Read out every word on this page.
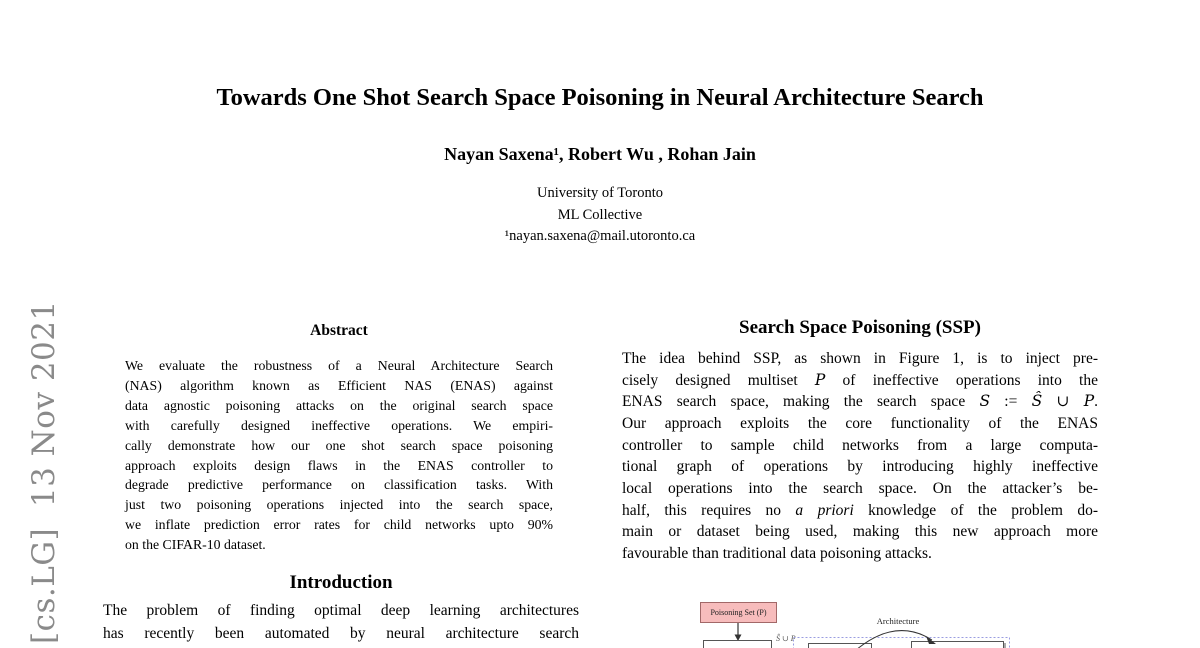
[cs.LG]  13 Nov 2021
Towards One Shot Search Space Poisoning in Neural Architecture Search
Nayan Saxena¹, Robert Wu , Rohan Jain
University of Toronto
ML Collective
¹nayan.saxena@mail.utoronto.ca
Abstract
We evaluate the robustness of a Neural Architecture Search
(NAS) algorithm known as Efficient NAS (ENAS) against
data agnostic poisoning attacks on the original search space
with carefully designed ineffective operations. We empiri-
cally demonstrate how our one shot search space poisoning
approach exploits design flaws in the ENAS controller to
degrade predictive performance on classification tasks. With
just two poisoning operations injected into the search space,
we inflate prediction error rates for child networks upto 90%
on the CIFAR-10 dataset.
Introduction
The problem of finding optimal deep learning architectures
has recently been automated by neural architecture search
Search Space Poisoning (SSP)
The idea behind SSP, as shown in Figure 1, is to inject pre-
cisely designed multiset P of ineffective operations into the
ENAS search space, making the search space S := Ŝ ∪ P.
Our approach exploits the core functionality of the ENAS
controller to sample child networks from a large computa-
tional graph of operations by introducing highly ineffective
local operations into the search space. On the attacker’s be-
half, this requires no a priori knowledge of the problem do-
main or dataset being used, making this new approach more
favourable than traditional data poisoning attacks.
Poisoning Set (P)
Architecture
Ŝ ∪ P
